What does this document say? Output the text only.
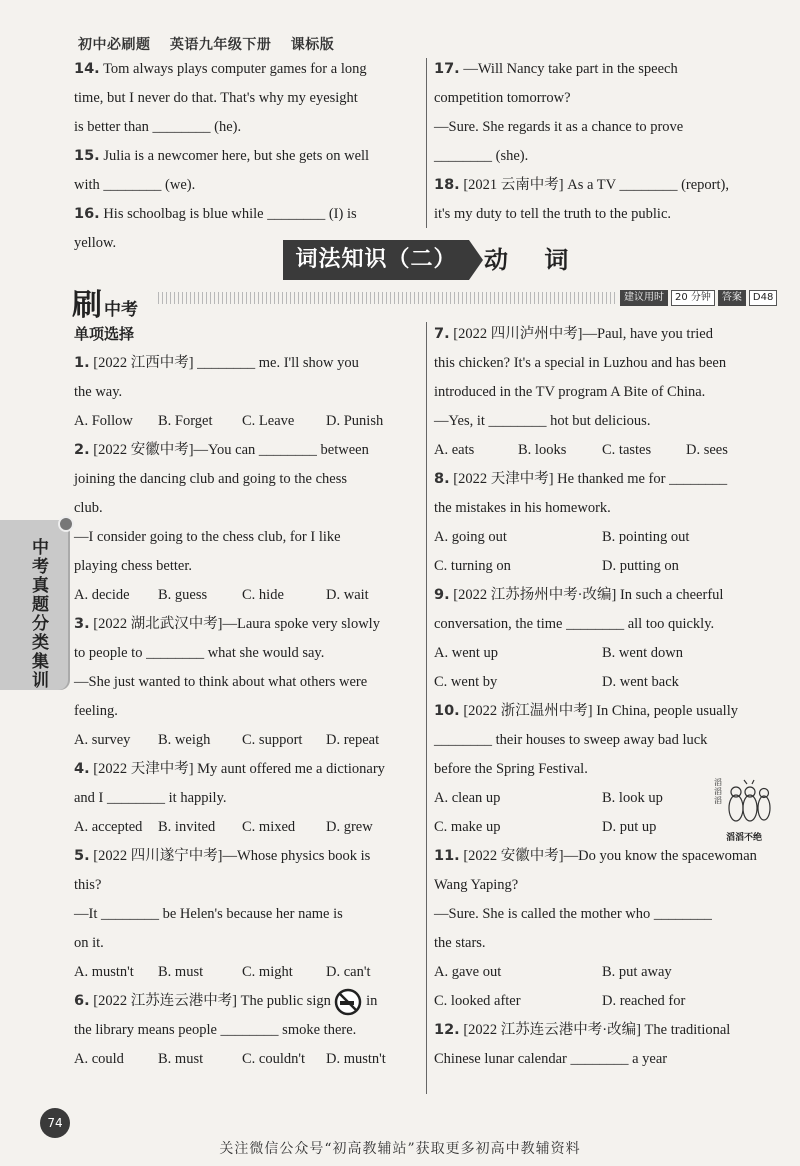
初中必刷题 英语九年级下册 课标版
14. Tom always plays computer games for a long
time, but I never do that. That's why my eyesight
is better than ________ (he).
15. Julia is a newcomer here, but she gets on well
with ________ (we).
16. His schoolbag is blue while ________ (I) is
yellow.
17. —Will Nancy take part in the speech
competition tomorrow?
—Sure. She regards it as a chance to prove
________ (she).
18. [2021 云南中考] As a TV ________ (report),
it's my duty to tell the truth to the public.
词法知识（二）	动 词
刷中考
建议用时	20 分钟	答案	D48
单项选择
1. [2022 江西中考] ________ me. I'll show you
the way.
A. Follow	B. Forget	C. Leave	D. Punish
2. [2022 安徽中考]—You can ________ between
joining the dancing club and going to the chess
club.
—I consider going to the chess club, for I like
playing chess better.
A. decide	B. guess	C. hide	D. wait
3. [2022 湖北武汉中考]—Laura spoke very slowly
to people to ________ what she would say.
—She just wanted to think about what others were
feeling.
A. survey	B. weigh	C. support	D. repeat
4. [2022 天津中考] My aunt offered me a dictionary
and I ________ it happily.
A. accepted	B. invited	C. mixed	D. grew
5. [2022 四川遂宁中考]—Whose physics book is
this?
—It ________ be Helen's because her name is
on it.
A. mustn't	B. must	C. might	D. can't
6. [2022 江苏连云港中考] The public sign in
the library means people ________ smoke there.
A. could	B. must	C. couldn't	D. mustn't
7. [2022 四川泸州中考]—Paul, have you tried
this chicken? It's a special in Luzhou and has been
introduced in the TV program A Bite of China.
—Yes, it ________ hot but delicious.
A. eats	B. looks	C. tastes	D. sees
8. [2022 天津中考] He thanked me for ________
the mistakes in his homework.
A. going out	B. pointing out
C. turning on	D. putting on
9. [2022 江苏扬州中考·改编] In such a cheerful
conversation, the time ________ all too quickly.
A. went up	B. went down
C. went by	D. went back
10. [2022 浙江温州中考] In China, people usually
________ their houses to sweep away bad luck
before the Spring Festival.
A. clean up	B. look up
C. make up	D. put up
11. [2022 安徽中考]—Do you know the spacewoman
Wang Yaping?
—Sure. She is called the mother who ________
the stars.
A. gave out	B. put away
C. looked after	D. reached for
12. [2022 江苏连云港中考·改编] The traditional
Chinese lunar calendar ________ a year
滔滔滔
滔滔不绝
中考真题分类集训
74
关注微信公众号“初高教辅站”获取更多初高中教辅资料
